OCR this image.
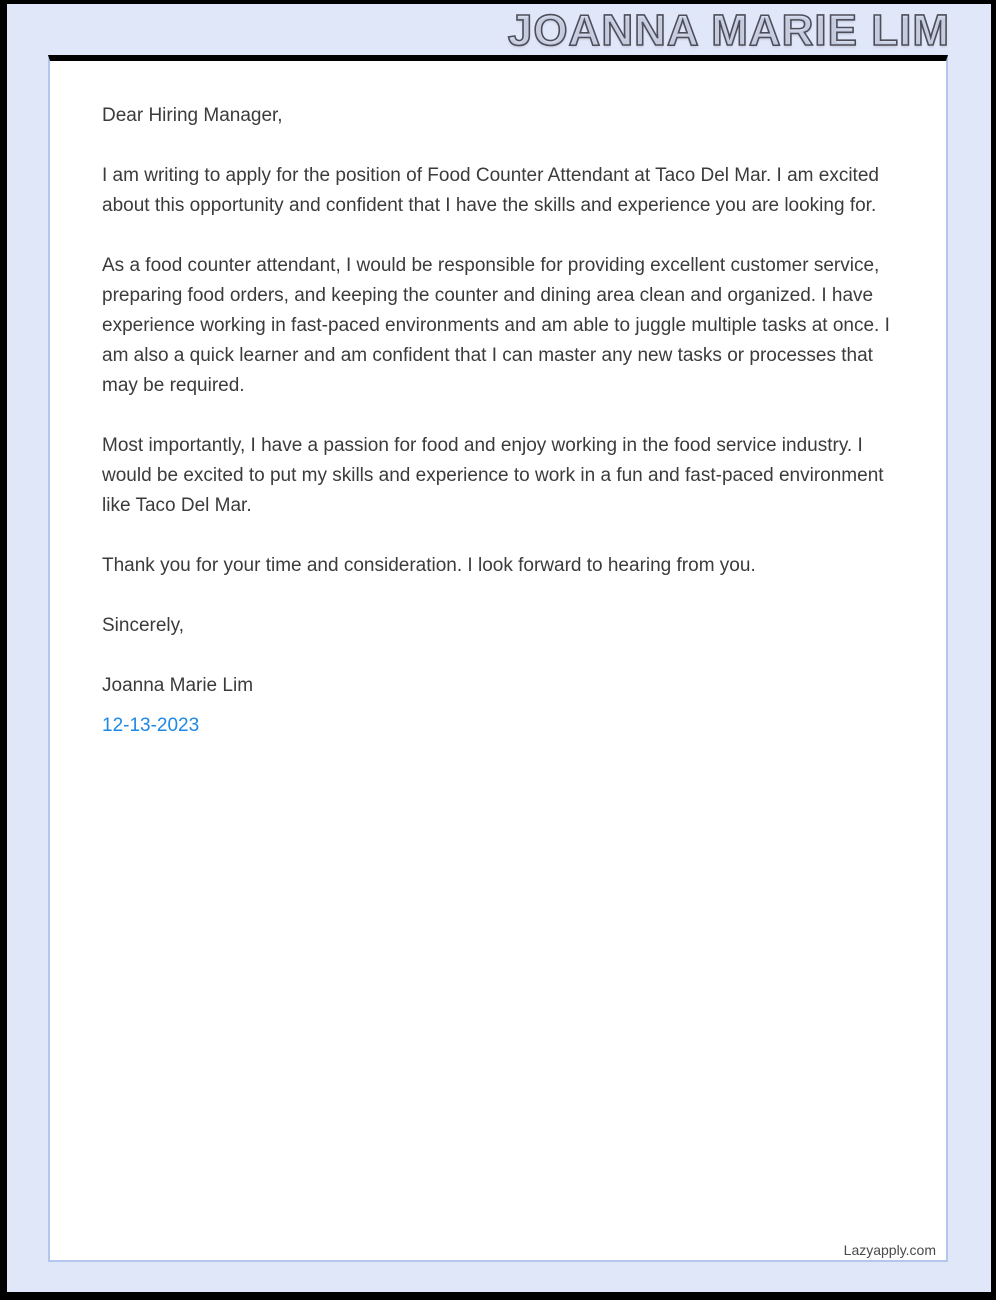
JOANNA MARIE LIM

Dear Hiring Manager,

I am writing to apply for the position of Food Counter Attendant at Taco Del Mar. I am excited about this opportunity and confident that I have the skills and experience you are looking for.

As a food counter attendant, I would be responsible for providing excellent customer service, preparing food orders, and keeping the counter and dining area clean and organized. I have experience working in fast-paced environments and am able to juggle multiple tasks at once. I am also a quick learner and am confident that I can master any new tasks or processes that may be required.

Most importantly, I have a passion for food and enjoy working in the food service industry. I would be excited to put my skills and experience to work in a fun and fast-paced environment like Taco Del Mar.

Thank you for your time and consideration. I look forward to hearing from you.

Sincerely,

Joanna Marie Lim

12-13-2023

Lazyapply.com
